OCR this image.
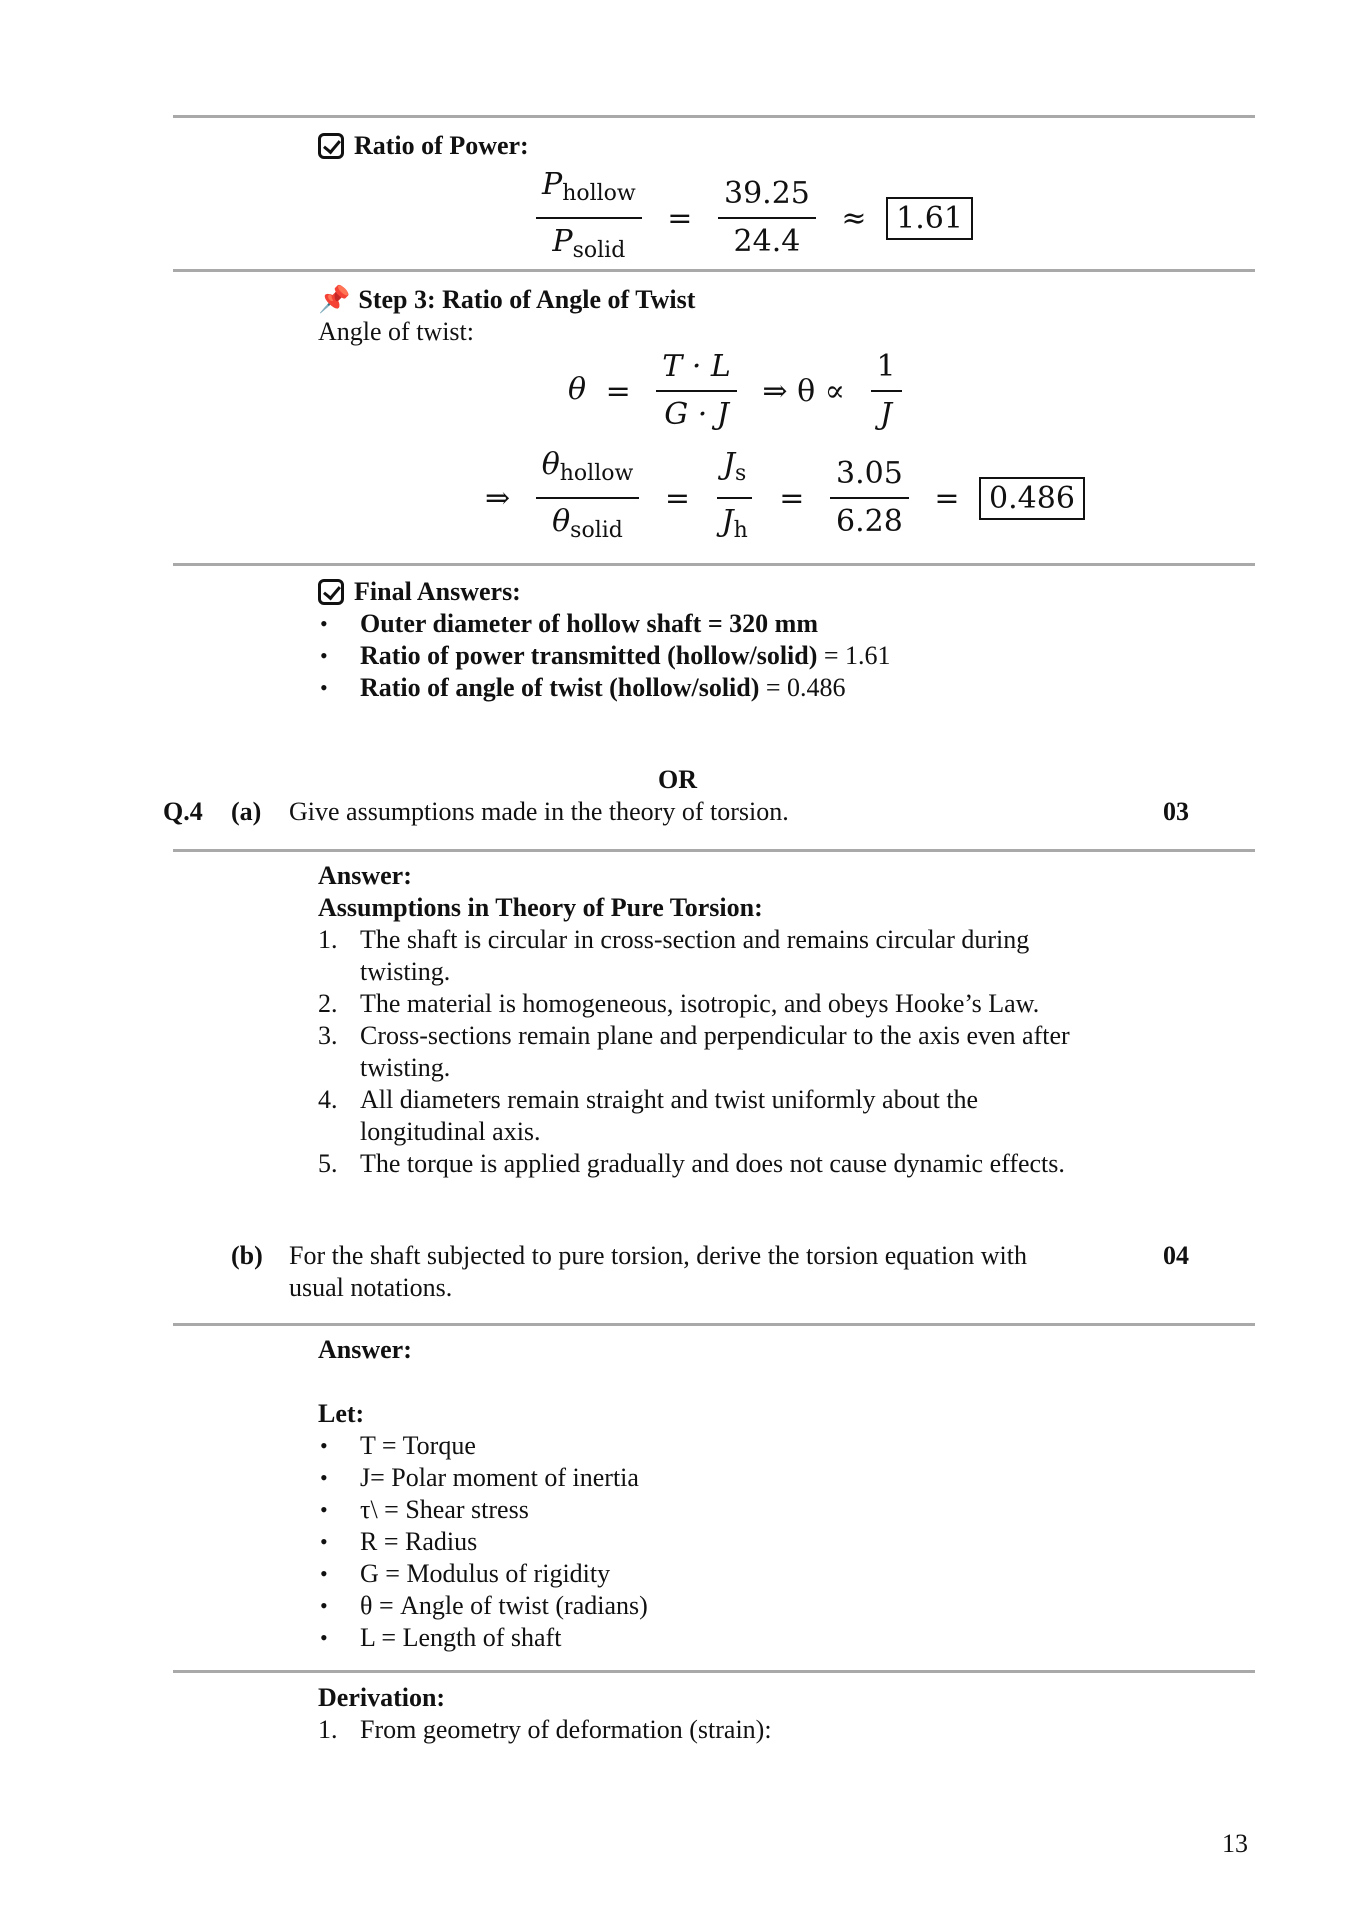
Ratio of Power:
$\frac{P_{hollow}}{P_{solid}} = \frac{39.25}{24.4} \approx 1.61$
📌 Step 3: Ratio of Angle of Twist
Angle of twist:
$\theta = \frac{T \cdot L}{G \cdot J}$ ⇒ $\theta \propto \frac{1}{J}$
⇒ $\frac{\theta_{hollow}}{\theta_{solid}} = \frac{J_s}{J_h} = \frac{3.05}{6.28} = 0.486$
Final Answers:
• Outer diameter of hollow shaft = 320 mm
• Ratio of power transmitted (hollow/solid) = 1.61
• Ratio of angle of twist (hollow/solid) = 0.486
OR
Q.4 (a) Give assumptions made in the theory of torsion.	03
Answer:
Assumptions in Theory of Pure Torsion:
1. The shaft is circular in cross-section and remains circular during
twisting.
2. The material is homogeneous, isotropic, and obeys Hooke’s Law.
3. Cross-sections remain plane and perpendicular to the axis even after
twisting.
4. All diameters remain straight and twist uniformly about the
longitudinal axis.
5. The torque is applied gradually and does not cause dynamic effects.
(b) For the shaft subjected to pure torsion, derive the torsion equation with
usual notations.
04
Answer:
Let:
• T = Torque
• J= Polar moment of inertia
• τ\ = Shear stress
• R = Radius
• G = Modulus of rigidity
• θ = Angle of twist (radians)
• L = Length of shaft
Derivation:
1. From geometry of deformation (strain):
13
